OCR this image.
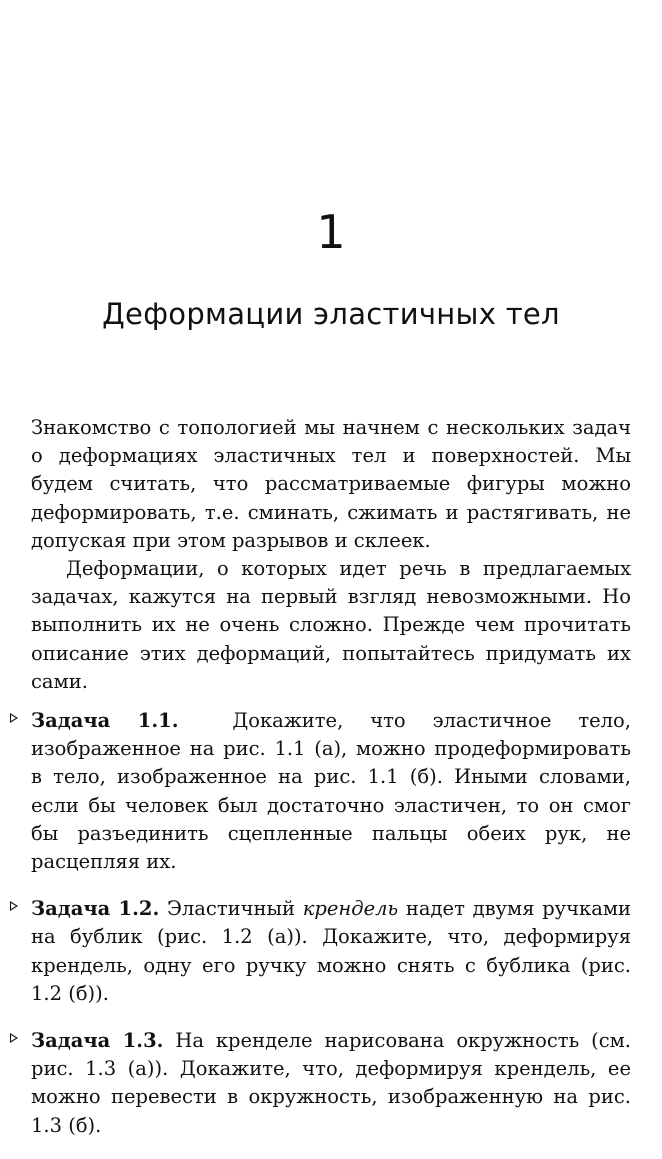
1
Деформации эластичных тел

Знакомство с топологией мы начнем с нескольких задач о деформациях эластичных тел и поверхностей. Мы будем считать, что рассматриваемые фигуры можно деформировать, т.е. сминать, сжимать и растягивать, не допуская при этом разрывов и склеек.

Деформации, о которых идет речь в предлагаемых задачах, кажутся на первый взгляд невозможными. Но выполнить их не очень сложно. Прежде чем прочитать описание этих деформаций, попытайтесь придумать их сами.

Задача 1.1.	Докажите, что эластичное тело, изображенное на рис. 1.1 (а), можно продеформировать в тело, изображенное на рис. 1.1 (б). Иными словами, если бы человек был достаточно эластичен, то он смог бы разъединить сцепленные пальцы обеих рук, не расцепляя их.
Задача 1.2. Эластичный крендель надет двумя ручками на бублик (рис. 1.2 (а)). Докажите, что, деформируя крендель, одну его ручку можно снять с бублика (рис. 1.2 (б)).
Задача 1.3. На кренделе нарисована окружность (см. рис. 1.3 (а)). Докажите, что, деформируя крендель, ее можно перевести в окружность, изображенную на рис. 1.3 (б).
